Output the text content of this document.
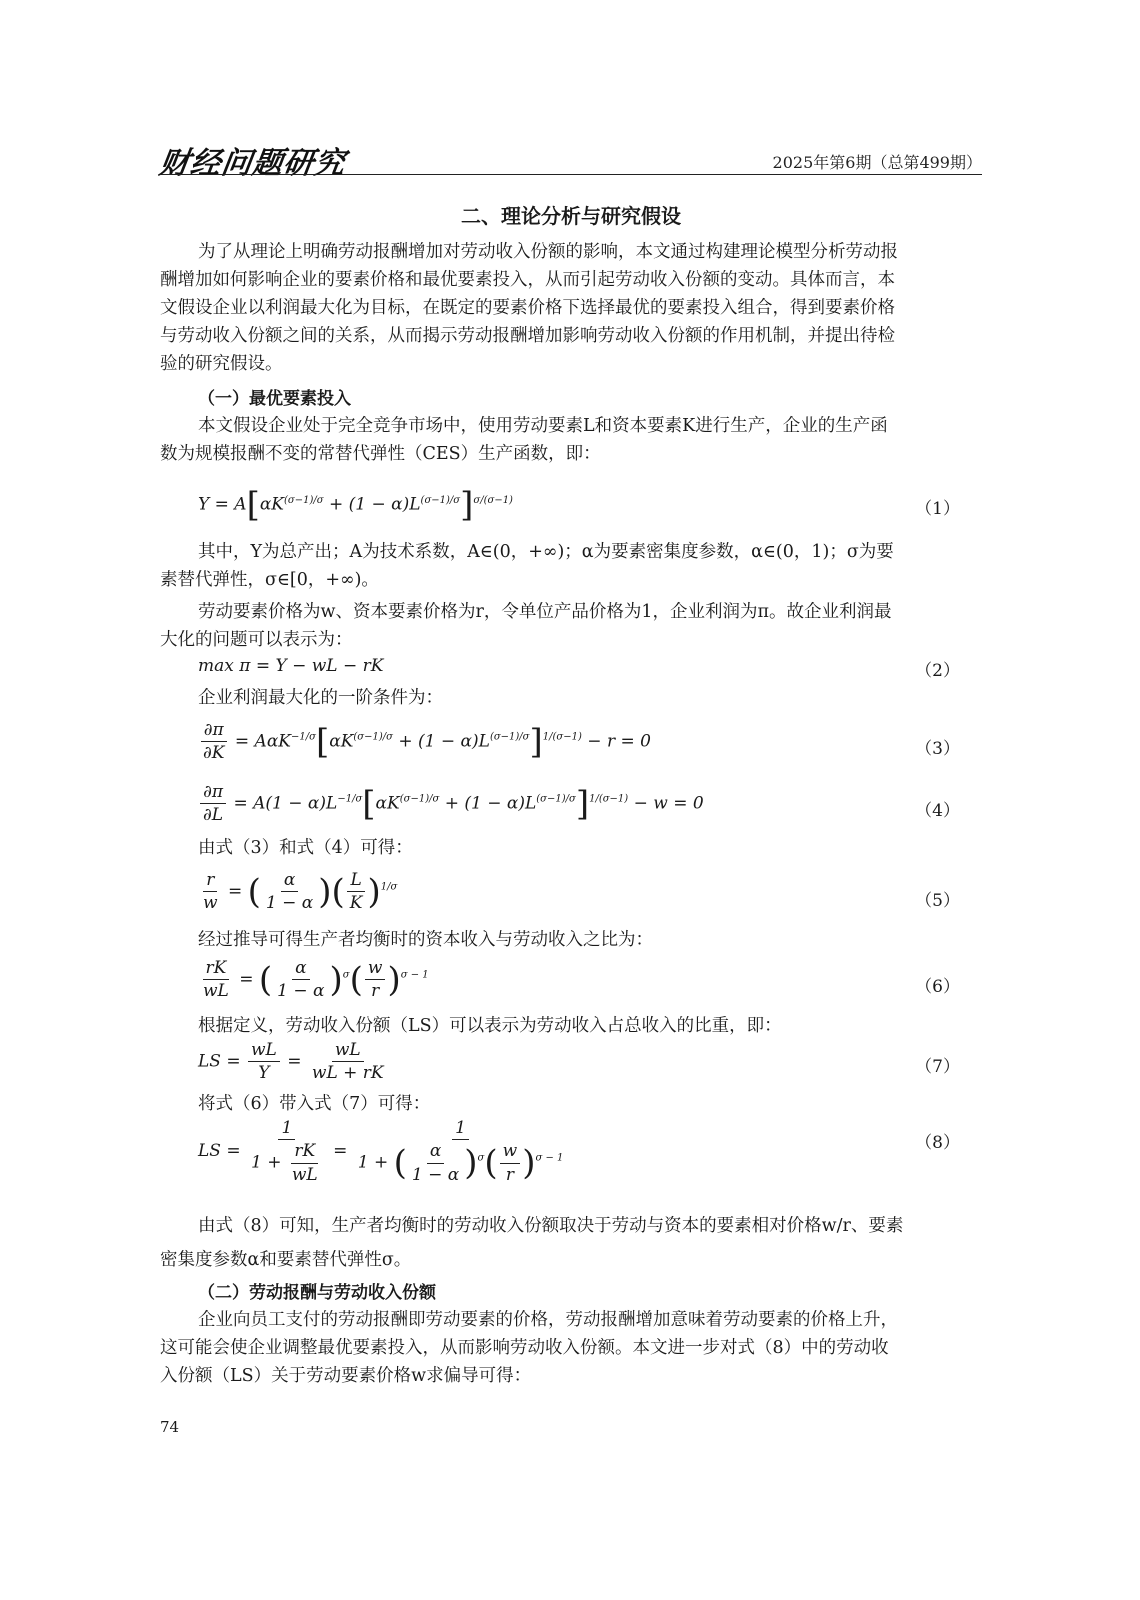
财经问题研究	2025年第6期（总第499期）
二、理论分析与研究假设
为了从理论上明确劳动报酬增加对劳动收入份额的影响，本文通过构建理论模型分析劳动报
酬增加如何影响企业的要素价格和最优要素投入，从而引起劳动收入份额的变动。具体而言，本
文假设企业以利润最大化为目标，在既定的要素价格下选择最优的要素投入组合，得到要素价格
与劳动收入份额之间的关系，从而揭示劳动报酬增加影响劳动收入份额的作用机制，并提出待检
验的研究假设。
（一）最优要素投入
本文假设企业处于完全竞争市场中，使用劳动要素L和资本要素K进行生产，企业的生产函
数为规模报酬不变的常替代弹性（CES）生产函数，即：
$Y = A[\alpha K^{(\sigma-1)/\sigma} + (1 - \alpha)L^{(\sigma-1)/\sigma}]^{\sigma/(\sigma-1)}$	（1）
其中，Y为总产出；A为技术系数，A∈(0，+∞)；α为要素密集度参数，α∈(0，1)；σ为要
素替代弹性，σ∈[0，+∞)。
劳动要素价格为w、资本要素价格为r，令单位产品价格为1，企业利润为π。故企业利润最
大化的问题可以表示为：
max π = Y − wL − rK	（2）
企业利润最大化的一阶条件为：
$\frac{\partial\pi}{\partial K} = A\alpha K^{-1/\sigma}[\alpha K^{(\sigma-1)/\sigma} + (1 - \alpha)L^{(\sigma-1)/\sigma}]^{1/(\sigma-1)} - r = 0$	（3）
$\frac{\partial\pi}{\partial L} = A(1 - \alpha)L^{-1/\sigma}[\alpha K^{(\sigma-1)/\sigma} + (1 - \alpha)L^{(\sigma-1)/\sigma}]^{1/(\sigma-1)} - w = 0$	（4）
由式（3）和式（4）可得：
$\frac{r}{w}$ = ( $\frac{\alpha}{1 - \alpha}$ )( $\frac{L}{K} )^{1/\sigma}$
（5）
经过推导可得生产者均衡时的资本收入与劳动收入之比为：
$\frac{rK}{wL}$ = ( $\frac{\alpha}{1 - \alpha} )^\sigma( \frac{w}{r} )^{\sigma - 1}$
（6）
根据定义，劳动收入份额（LS）可以表示为劳动收入占总收入的比重，即：
LS = $\frac{wL}{Y} = \frac{wL}{wL + rK}$	（7）
将式（6）带入式（7）可得：
LS = $\frac{1}{1 + \frac{rK}{wL}} = \frac{1}{1 + ( \frac{\alpha}{1 - \alpha} )^\sigma( \frac{w}{r} )^{\sigma - 1}}$	（8）
由式（8）可知，生产者均衡时的劳动收入份额取决于劳动与资本的要素相对价格w/r、要素
密集度参数α和要素替代弹性σ。
（二）劳动报酬与劳动收入份额
企业向员工支付的劳动报酬即劳动要素的价格，劳动报酬增加意味着劳动要素的价格上升，
这可能会使企业调整最优要素投入，从而影响劳动收入份额。本文进一步对式（8）中的劳动收
入份额（LS）关于劳动要素价格w求偏导可得：
74
